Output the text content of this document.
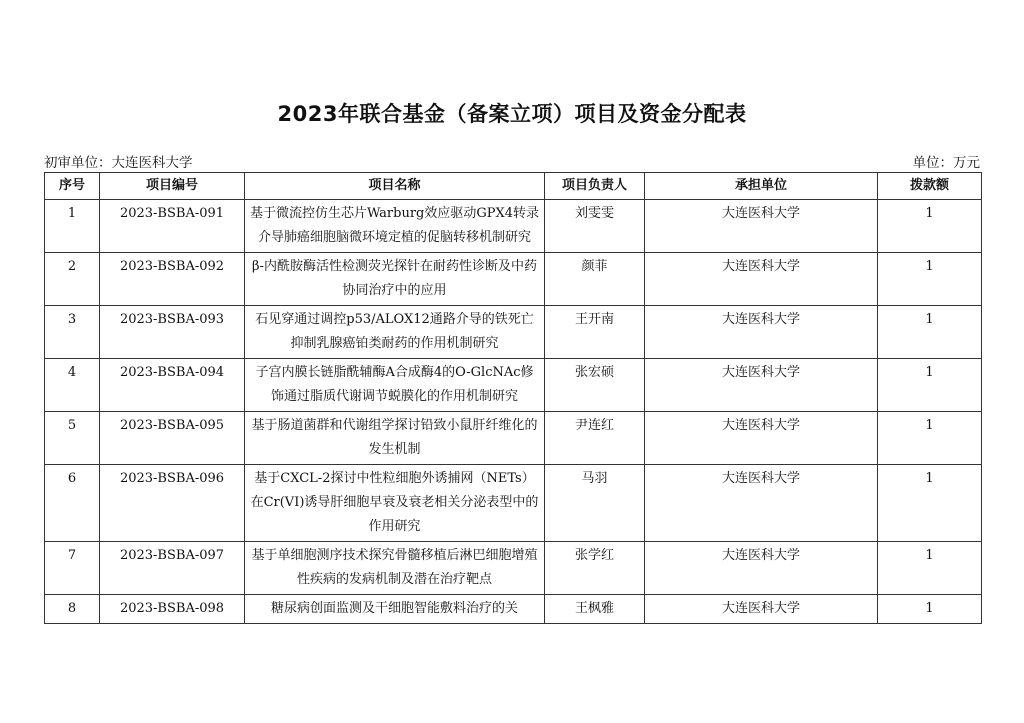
2023年联合基金（备案立项）项目及资金分配表
初审单位：大连医科大学	单位：万元
序号	项目编号	项目名称	项目负责人	承担单位	拨款额
1	2023-BSBA-091	基于微流控仿生芯片Warburg效应驱动GPX4转录介导肺癌细胞脑微环境定植的促脑转移机制研究	刘雯雯	大连医科大学	1
2	2023-BSBA-092	β-内酰胺酶活性检测荧光探针在耐药性诊断及中药协同治疗中的应用	颜菲	大连医科大学	1
3	2023-BSBA-093	石见穿通过调控p53/ALOX12通路介导的铁死亡抑制乳腺癌铂类耐药的作用机制研究	王开南	大连医科大学	1
4	2023-BSBA-094	子宫内膜长链脂酰辅酶A合成酶4的O-GlcNAc修饰通过脂质代谢调节蜕膜化的作用机制研究	张宏硕	大连医科大学	1
5	2023-BSBA-095	基于肠道菌群和代谢组学探讨铅致小鼠肝纤维化的发生机制	尹连红	大连医科大学	1
6	2023-BSBA-096	基于CXCL-2探讨中性粒细胞外诱捕网（NETs）在Cr(VI)诱导肝细胞早衰及衰老相关分泌表型中的作用研究	马羽	大连医科大学	1
7	2023-BSBA-097	基于单细胞测序技术探究骨髓移植后淋巴细胞增殖性疾病的发病机制及潜在治疗靶点	张学红	大连医科大学	1
8	2023-BSBA-098	糖尿病创面监测及干细胞智能敷料治疗的关	王枫雅	大连医科大学	1
